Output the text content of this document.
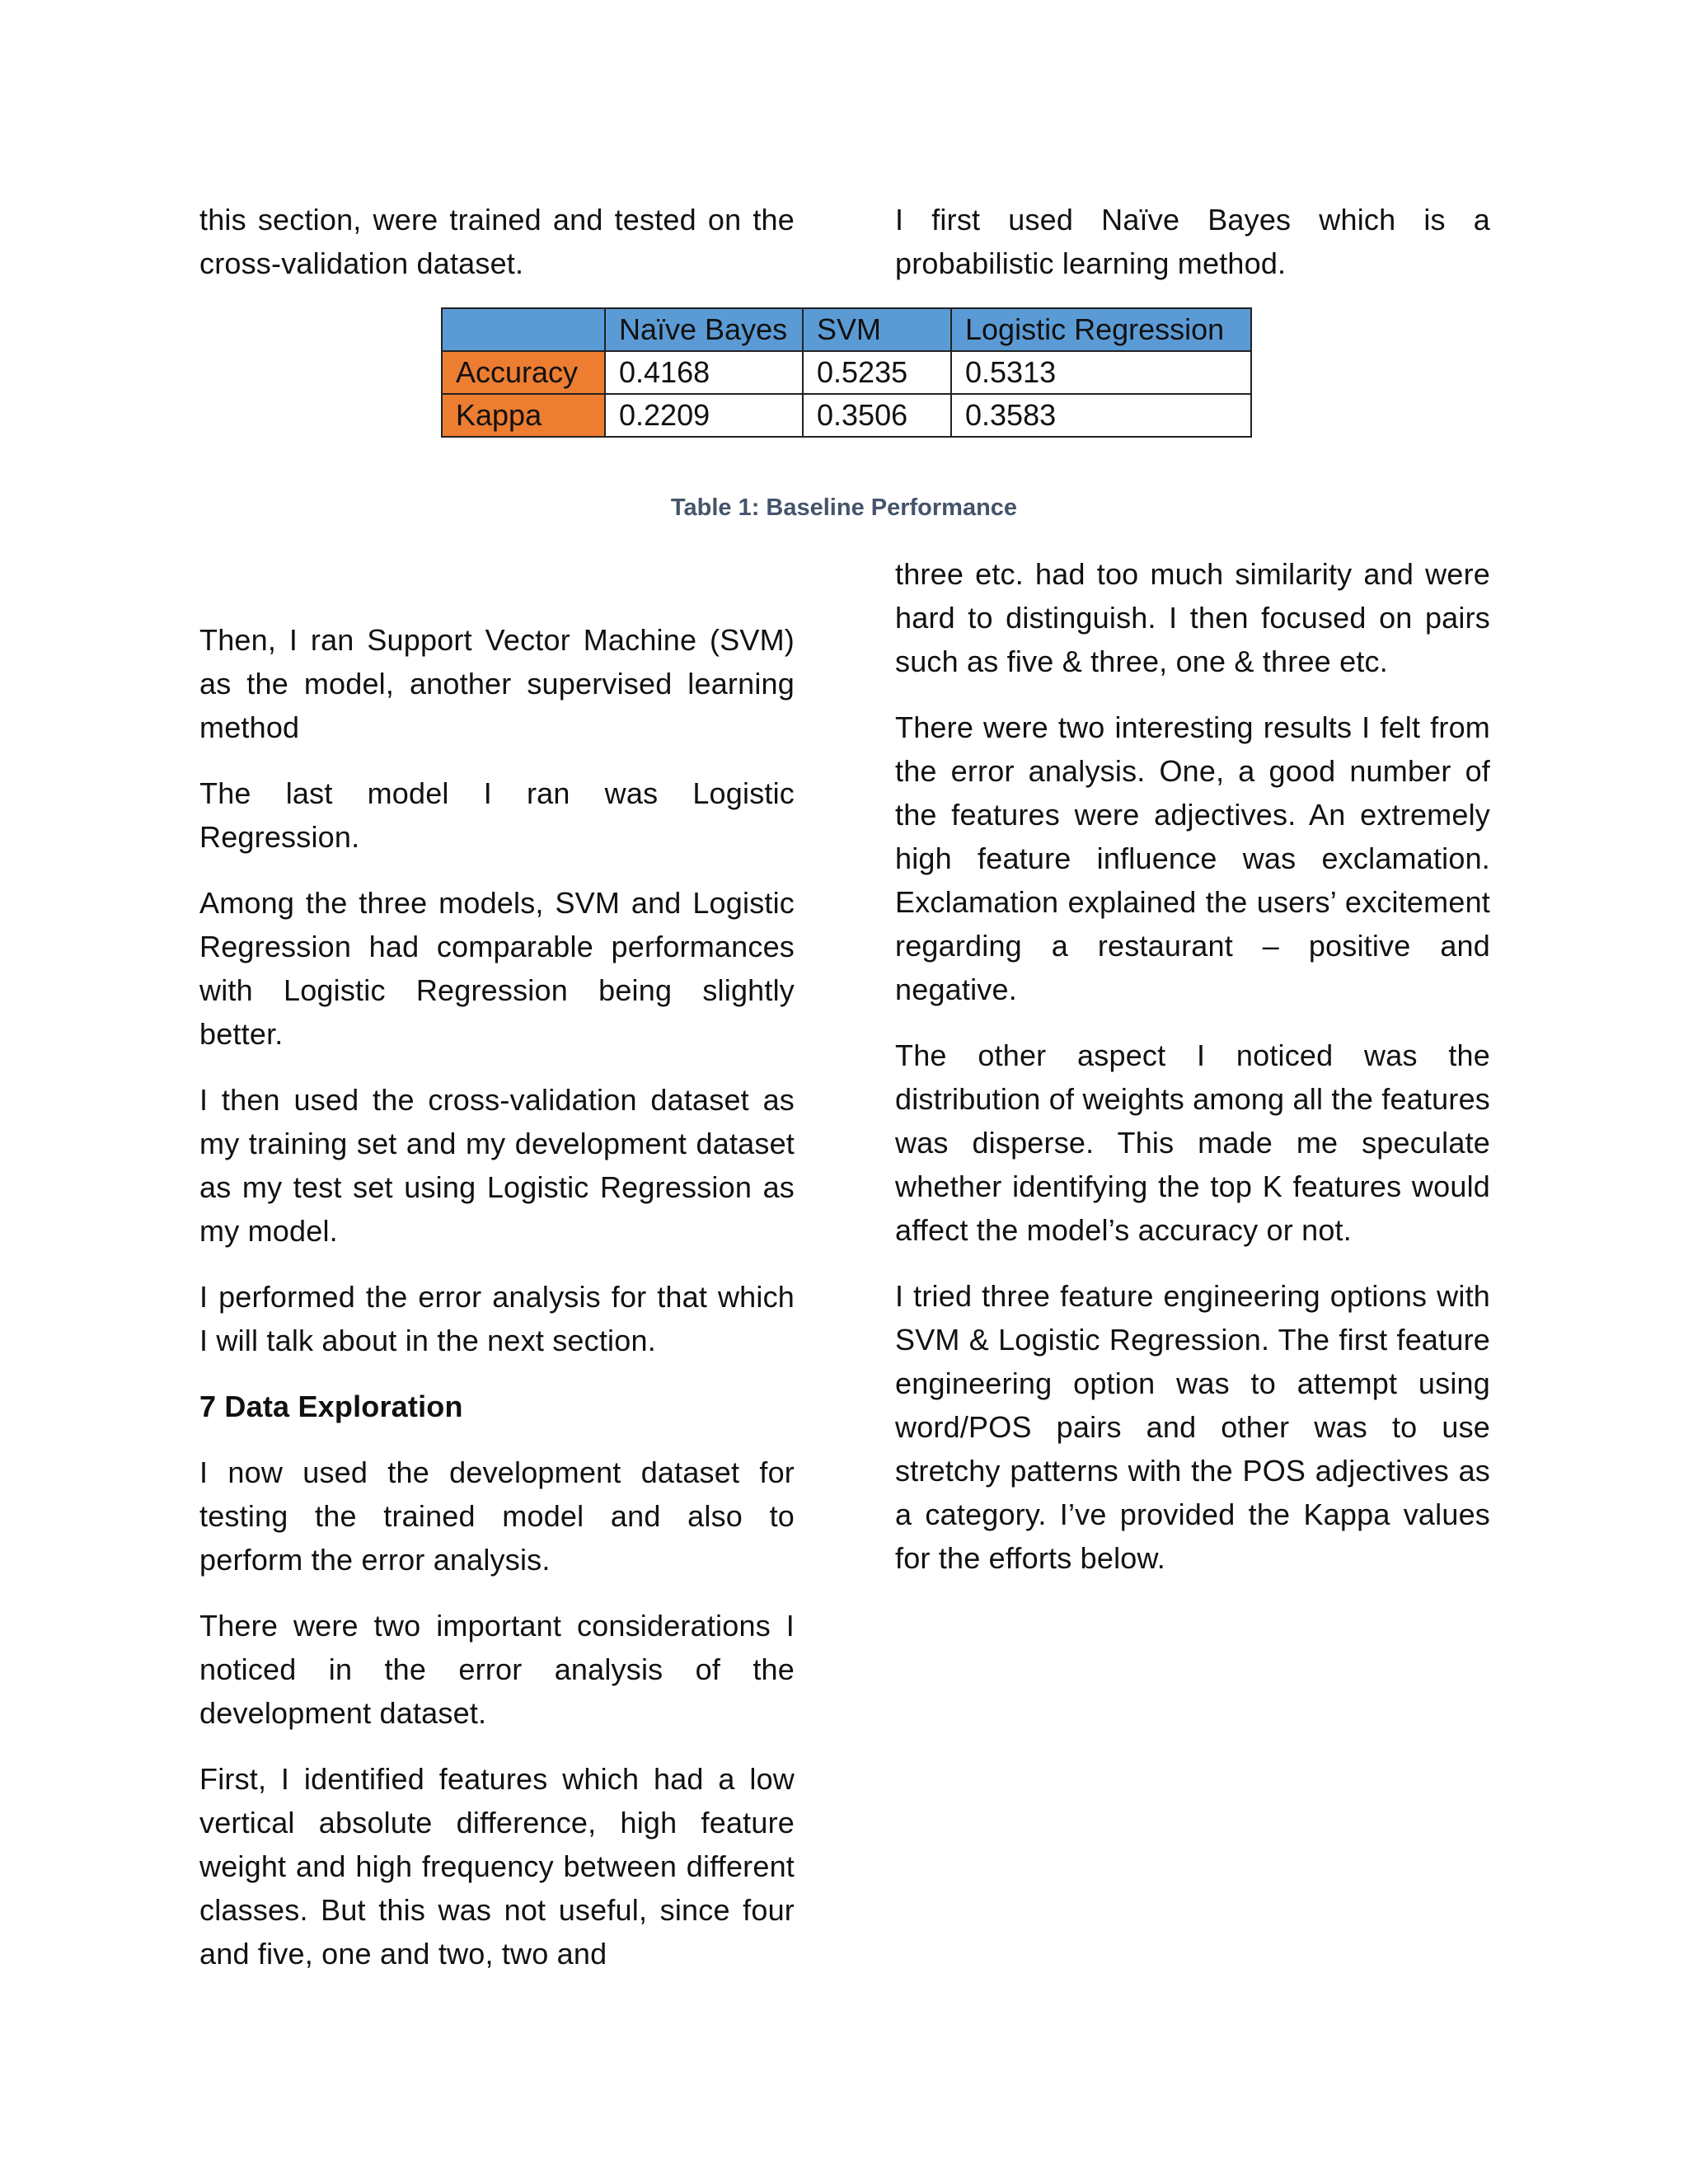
this section, were trained and tested on the cross-validation dataset.

I first used Naïve Bayes which is a probabilistic learning method.

	Naïve Bayes	SVM	Logistic Regression
Accuracy	0.4168	0.5235	0.5313
Kappa	0.2209	0.3506	0.3583
Table 1: Baseline Performance

Then, I ran Support Vector Machine (SVM) as the model, another supervised learning method

The last model I ran was Logistic Regression.

Among the three models, SVM and Logistic Regression had comparable performances with Logistic Regression being slightly better.

I then used the cross-validation dataset as my training set and my development dataset as my test set using Logistic Regression as my model.

I performed the error analysis for that which I will talk about in the next section.

7 Data Exploration

I now used the development dataset for testing the trained model and also to perform the error analysis.

There were two important considerations I noticed in the error analysis of the development dataset.

First, I identified features which had a low vertical absolute difference, high feature weight and high frequency between different classes. But this was not useful, since four and five, one and two, two and

three etc. had too much similarity and were hard to distinguish. I then focused on pairs such as five & three, one & three etc.

There were two interesting results I felt from the error analysis. One, a good number of the features were adjectives. An extremely high feature influence was exclamation. Exclamation explained the users’ excitement regarding a restaurant – positive and negative.

The other aspect I noticed was the distribution of weights among all the features was disperse. This made me speculate whether identifying the top K features would affect the model’s accuracy or not.

I tried three feature engineering options with SVM & Logistic Regression. The first feature engineering option was to attempt using word/POS pairs and other was to use stretchy patterns with the POS adjectives as a category. I’ve provided the Kappa values for the efforts below.
